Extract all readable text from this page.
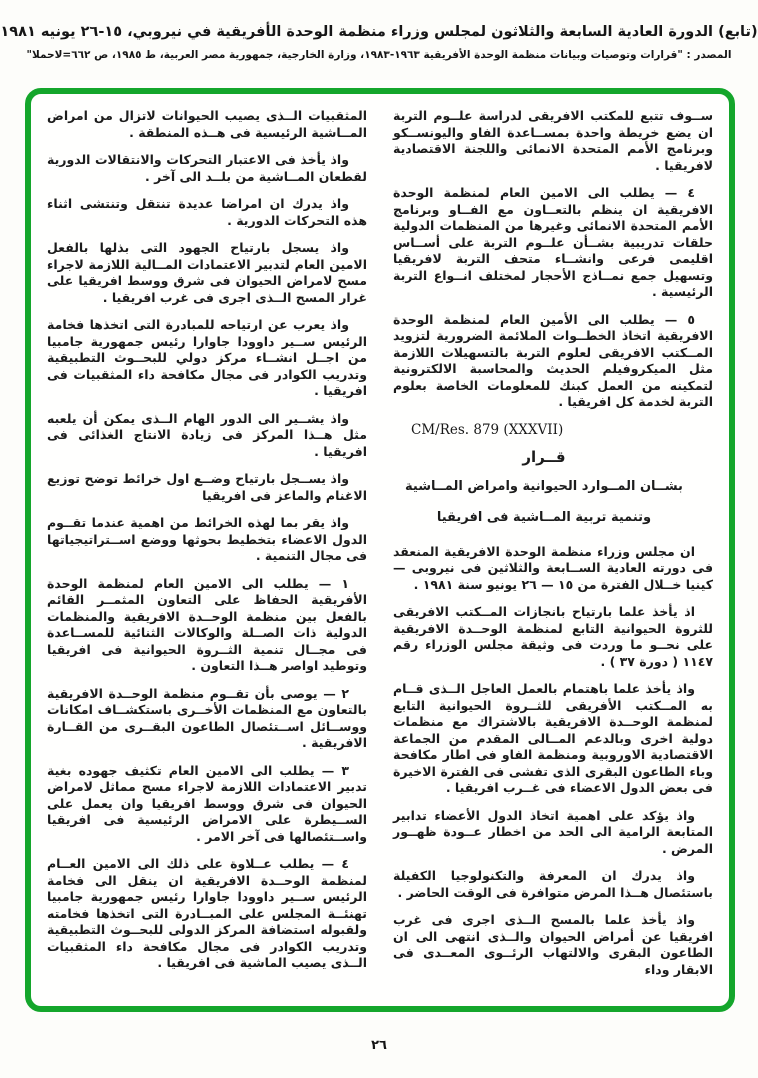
(تابع) الدورة العادية السابعة والثلاثون لمجلس وزراء منظمة الوحدة الأفريقية في نيروبي، ١٥-٢٦ يونيه ١٩٨١
المصدر : "قرارات وتوصيات وبيانات منظمة الوحدة الأفريقية ١٩٦٣-١٩٨٣، وزارة الخارجية، جمهورية مصر العربية، ط ١٩٨٥، ص ٦٦٢=لاحملا"

ســوف تتبع للمكتب الافريقى لدراسة علــوم التربة ان يضع خريطة واحدة بمســاعدة الفاو واليونســكو وبرنامج الأمم المتحدة الانمائى واللجنة الاقتصادية لافريقيا .

٤ — يطلب الى الامين العام لمنظمة الوحدة الافريقية ان ينظم بالتعــاون مع الفــاو وبرنامج الأمم المتحدة الانمائى وغيرها من المنظمات الدولية حلقات تدريبية بشــأن علــوم التربة على أســاس اقليمى فرعى وانشــاء متحف التربة لافريقيا وتسهيل جمع نمــاذج الأحجار لمختلف انــواع التربة الرئيسية .

٥ — يطلب الى الأمين العام لمنظمة الوحدة الافريقية اتخاذ الخطــوات الملائمة الضرورية لتزويد المــكتب الافريقى لعلوم التربة بالتسهيلات اللازمة مثل الميكروفيلم الحديث والمحاسبة الالكترونية لتمكينه من العمل كبنك للمعلومات الخاصة بعلوم التربة لخدمة كل افريقيا .

CM/Res. 879 (XXXVII)

قــرار

بشــان المــوارد الحيوانية وامراض المــاشية

وتنمية تربية المــاشية فى افريقيا

ان مجلس وزراء منظمة الوحدة الافريقية المنعقد فى دورته العادية الســابعة والثلاثين فى نيروبى — كينيا خــلال الفترة من ١٥ — ٢٦ يونيو سنة ١٩٨١ .

اذ يأخذ علما بارتياح بانجازات المــكتب الافريقى للثروة الحيوانية التابع لمنظمة الوحــدة الافريقية على نحــو ما وردت فى وثيقة مجلس الوزراء رقم ١١٤٧ ( دورة ٣٧ ) .

واذ يأخذ علما باهتمام بالعمل العاجل الــذى قــام به المــكتب الأفريقى للثــروة الحيوانية التابع لمنظمة الوحــدة الافريقية بالاشتراك مع منظمات دولية اخرى وبالدعم المــالى المقدم من الجماعة الاقتصادية الاوروبية ومنظمة الفاو فى اطار مكافحة وباء الطاعون البقرى الذى تفشى فى الفترة الاخيرة فى بعض الدول الاعضاء فى غــرب افريقيا .

واذ يؤكد على اهمية اتخاذ الدول الأعضاء تدابير المتابعة الرامية الى الحد من اخطار عــودة ظهــور المرض .

واذ يدرك ان المعرفة والتكنولوجيا الكفيلة باستئصال هــذا المرض متوافرة فى الوقت الحاضر .

واذ يأخذ علما بالمسح الــذى اجرى فى غرب افريقيا عن أمراض الحيوان والــذى انتهى الى ان الطاعون البقرى والالتهاب الرئــوى المعــدى فى الابقار وداء

المثقبيات الــذى يصيب الحيوانات لاتزال من امراض المــاشية الرئيسية فى هــذه المنطقة .

واذ يأخذ فى الاعتبار التحركات والانتقالات الدورية لقطعان المــاشية من بلــد الى آخر .

واذ يدرك ان امراضا عديدة تنتقل وتنتشى اثناء هذه التحركات الدورية .

واذ يسجل بارتياح الجهود التى بذلها بالفعل الامين العام لتدبير الاعتمادات المــالية اللازمة لاجراء مسح لامراض الحيوان فى شرق ووسط افريقيا على غرار المسح الــذى اجرى فى غرب افريقيا .

واذ يعرب عن ارتياحه للمبادرة التى اتخذها فخامة الرئيس ســير داوودا جاوارا رئيس جمهورية جامبيا من اجــل انشــاء مركز دولي للبحــوث التطبيقية وتدريب الكوادر فى مجال مكافحة داء المثقبيات فى افريقيا .

واذ يشــير الى الدور الهام الــذى يمكن أن يلعبه مثل هــذا المركز فى زيادة الانتاج الغذائى فى افريقيا .

واذ يســجل بارتياح وضــع اول خرائط توضح توزيع الاغنام والماعز فى افريقيا

واذ يقر بما لهذه الخرائط من اهمية عندما تقــوم الدول الاعضاء بتخطيط بحوثها ووضع اســتراتيجياتها فى مجال التنمية .

١ — يطلب الى الامين العام لمنظمة الوحدة الأفريقية الحفاظ على التعاون المثمــر القائم بالفعل بين منظمة الوحــدة الافريقية والمنظمات الدولية ذات الصــلة والوكالات الثنائية للمســاعدة فى مجــال تنمية الثــروة الحيوانية فى افريقيا وتوطيد اواصر هــذا التعاون .

٢ — يوصى بأن تقــوم منظمة الوحــدة الافريقية بالتعاون مع المنظمات الأخــرى باستكشــاف امكانات ووســائل اســتئصال الطاعون البقــرى من القــارة الافريقية .

٣ — يطلب الى الامين العام تكثيف جهوده بغية تدبير الاعتمادات اللازمة لاجراء مسح مماثل لامراض الحيوان فى شرق ووسط افريقيا وان يعمل على الســيطرة على الامراض الرئيسية فى افريقيا واســتئصالها فى آخر الامر .

٤ — يطلب عــلاوة على ذلك الى الامين العــام لمنظمة الوحــدة الافريقية ان ينقل الى فخامة الرئيس ســير داوودا جاوارا رئيس جمهورية جامبيا تهنئــة المجلس على المبــادرة التى اتخذها فخامته ولقبوله استضافة المركز الدولى للبحــوث التطبيقية وتدريب الكوادر فى مجال مكافحة داء المثقبيات الــذى يصيب الماشية فى افريقيا .

٢٦
